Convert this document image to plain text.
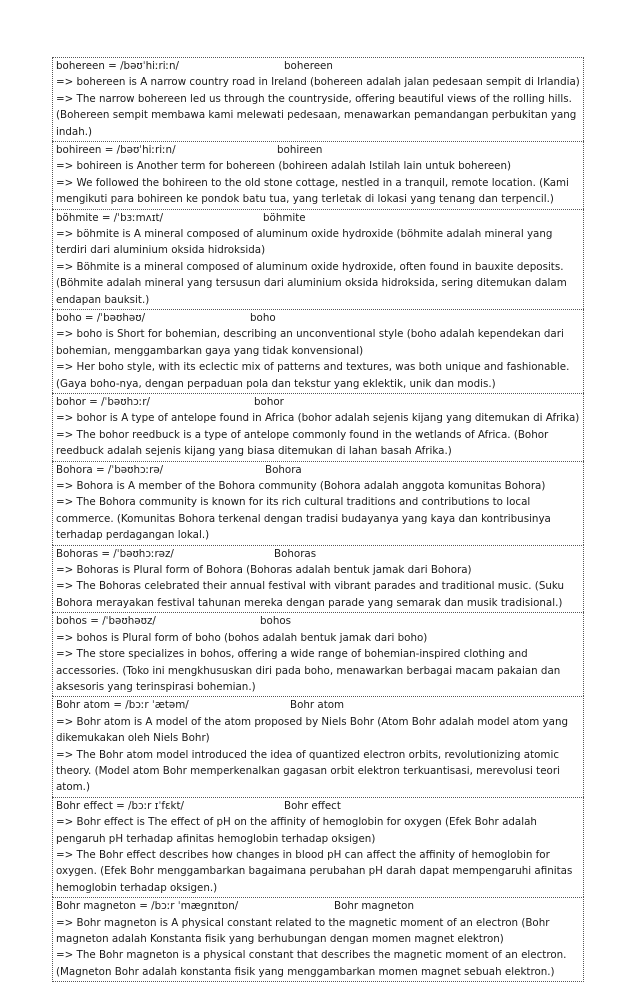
bohereen = /bəʊˈhiːriːn/	bohereen

=> bohereen is A narrow country road in Ireland (bohereen adalah jalan pedesaan sempit di Irlandia)

=> The narrow bohereen led us through the countryside, offering beautiful views of the rolling hills. (Bohereen sempit membawa kami melewati pedesaan, menawarkan pemandangan perbukitan yang indah.)

bohireen = /bəʊˈhiːriːn/	bohireen

=> bohireen is Another term for bohereen (bohireen adalah Istilah lain untuk bohereen)

=> We followed the bohireen to the old stone cottage, nestled in a tranquil, remote location. (Kami mengikuti para bohireen ke pondok batu tua, yang terletak di lokasi yang tenang dan terpencil.)

böhmite = /ˈbɜːmʌɪt/	böhmite

=> böhmite is A mineral composed of aluminum oxide hydroxide (böhmite adalah mineral yang terdiri dari aluminium oksida hidroksida)

=> Böhmite is a mineral composed of aluminum oxide hydroxide, often found in bauxite deposits. (Böhmite adalah mineral yang tersusun dari aluminium oksida hidroksida, sering ditemukan dalam endapan bauksit.)

boho = /ˈbəʊhəʊ/	boho

=> boho is Short for bohemian, describing an unconventional style (boho adalah kependekan dari bohemian, menggambarkan gaya yang tidak konvensional)

=> Her boho style, with its eclectic mix of patterns and textures, was both unique and fashionable. (Gaya boho-nya, dengan perpaduan pola dan tekstur yang eklektik, unik dan modis.)

bohor = /ˈbəʊhɔːr/	bohor

=> bohor is A type of antelope found in Africa (bohor adalah sejenis kijang yang ditemukan di Afrika)

=> The bohor reedbuck is a type of antelope commonly found in the wetlands of Africa. (Bohor reedbuck adalah sejenis kijang yang biasa ditemukan di lahan basah Afrika.)

Bohora = /ˈbəʊhɔːrə/	Bohora

=> Bohora is A member of the Bohora community (Bohora adalah anggota komunitas Bohora)

=> The Bohora community is known for its rich cultural traditions and contributions to local commerce. (Komunitas Bohora terkenal dengan tradisi budayanya yang kaya dan kontribusinya terhadap perdagangan lokal.)

Bohoras = /ˈbəʊhɔːrəz/	Bohoras

=> Bohoras is Plural form of Bohora (Bohoras adalah bentuk jamak dari Bohora)

=> The Bohoras celebrated their annual festival with vibrant parades and traditional music. (Suku Bohora merayakan festival tahunan mereka dengan parade yang semarak dan musik tradisional.)

bohos = /ˈbəʊhəʊz/	bohos

=> bohos is Plural form of boho (bohos adalah bentuk jamak dari boho)

=> The store specializes in bohos, offering a wide range of bohemian-inspired clothing and accessories. (Toko ini mengkhususkan diri pada boho, menawarkan berbagai macam pakaian dan aksesoris yang terinspirasi bohemian.)

Bohr atom = /bɔːr ˈætəm/	Bohr atom

=> Bohr atom is A model of the atom proposed by Niels Bohr (Atom Bohr adalah model atom yang dikemukakan oleh Niels Bohr)

=> The Bohr atom model introduced the idea of quantized electron orbits, revolutionizing atomic theory. (Model atom Bohr memperkenalkan gagasan orbit elektron terkuantisasi, merevolusi teori atom.)

Bohr effect = /bɔːr ɪˈfɛkt/	Bohr effect

=> Bohr effect is The effect of pH on the affinity of hemoglobin for oxygen (Efek Bohr adalah pengaruh pH terhadap afinitas hemoglobin terhadap oksigen)

=> The Bohr effect describes how changes in blood pH can affect the affinity of hemoglobin for oxygen. (Efek Bohr menggambarkan bagaimana perubahan pH darah dapat mempengaruhi afinitas hemoglobin terhadap oksigen.)

Bohr magneton = /bɔːr ˈmæɡnɪtɒn/	Bohr magneton

=> Bohr magneton is A physical constant related to the magnetic moment of an electron (Bohr magneton adalah Konstanta fisik yang berhubungan dengan momen magnet elektron)

=> The Bohr magneton is a physical constant that describes the magnetic moment of an electron. (Magneton Bohr adalah konstanta fisik yang menggambarkan momen magnet sebuah elektron.)
